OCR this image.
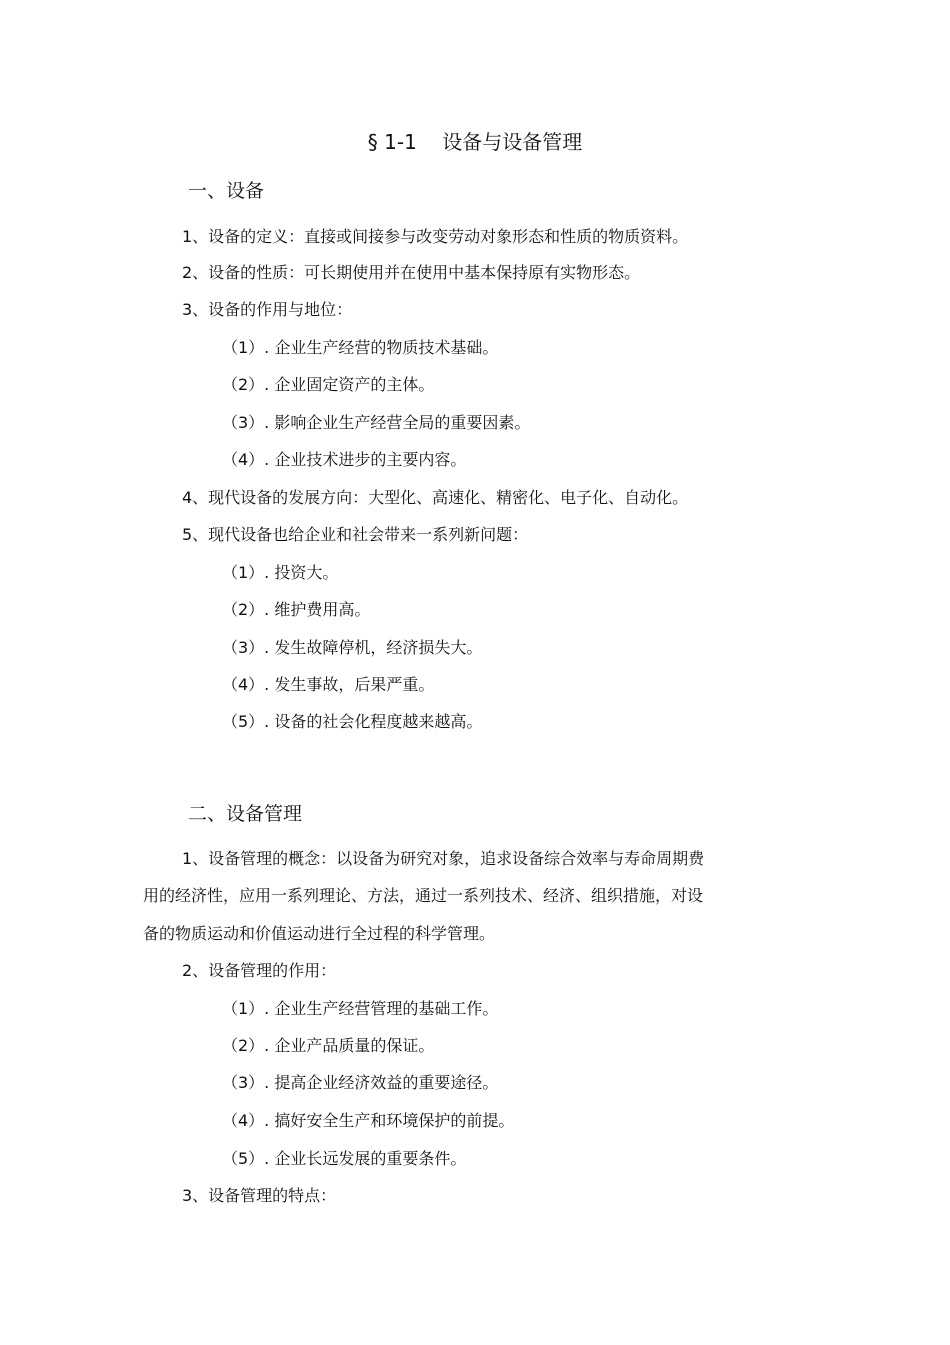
§ 1-1    设备与设备管理
一、设备

1、设备的定义：直接或间接参与改变劳动对象形态和性质的物质资料。

2、设备的性质：可长期使用并在使用中基本保持原有实物形态。

3、设备的作用与地位：

（1）. 企业生产经营的物质技术基础。

（2）. 企业固定资产的主体。

（3）. 影响企业生产经营全局的重要因素。

（4）. 企业技术进步的主要内容。

4、现代设备的发展方向：大型化、高速化、精密化、电子化、自动化。

5、现代设备也给企业和社会带来一系列新问题：

（1）. 投资大。

（2）. 维护费用高。

（3）. 发生故障停机，经济损失大。

（4）. 发生事故，后果严重。

（5）. 设备的社会化程度越来越高。

二、设备管理

1、设备管理的概念：以设备为研究对象，追求设备综合效率与寿命周期费

用的经济性，应用一系列理论、方法，通过一系列技术、经济、组织措施，对设

备的物质运动和价值运动进行全过程的科学管理。

2、设备管理的作用：

（1）. 企业生产经营管理的基础工作。

（2）. 企业产品质量的保证。

（3）. 提高企业经济效益的重要途径。

（4）. 搞好安全生产和环境保护的前提。

（5）. 企业长远发展的重要条件。

3、设备管理的特点：
